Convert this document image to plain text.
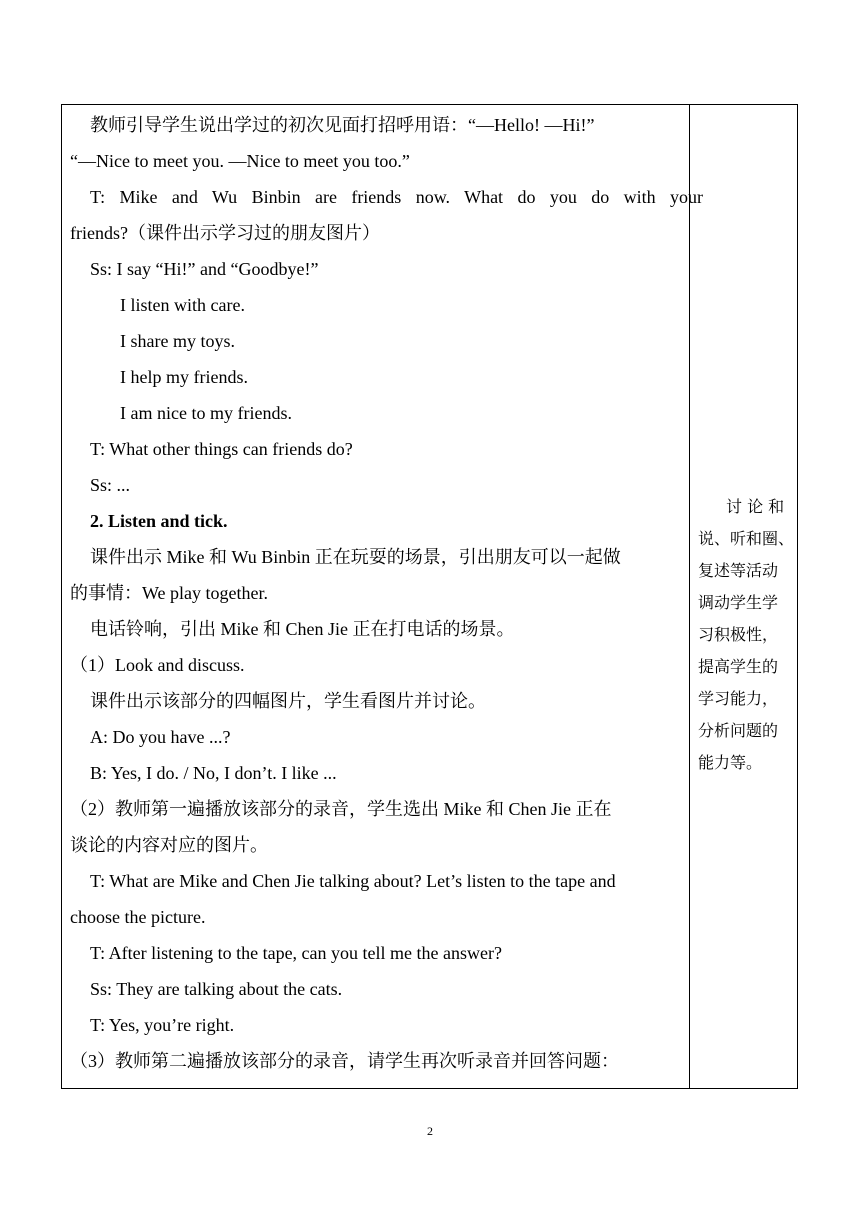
教师引导学生说出学过的初次见面打招呼用语：“—Hello! —Hi!”
“—Nice to meet you. —Nice to meet you too.”
T: Mike and Wu Binbin are friends now. What do you do with your
friends?（课件出示学习过的朋友图片）
Ss: I say “Hi!” and “Goodbye!”
I listen with care.
I share my toys.
I help my friends.
I am nice to my friends.
T: What other things can friends do?
Ss: ...
2. Listen and tick.
课件出示 Mike 和 Wu Binbin 正在玩耍的场景，引出朋友可以一起做
的事情：We play together.
电话铃响，引出 Mike 和 Chen Jie 正在打电话的场景。
（1）Look and discuss.
课件出示该部分的四幅图片，学生看图片并讨论。
A: Do you have ...?
B: Yes, I do. / No, I don’t. I like ...
（2）教师第一遍播放该部分的录音，学生选出 Mike 和 Chen Jie 正在
谈论的内容对应的图片。
T: What are Mike and Chen Jie talking about? Let’s listen to the tape and
choose the picture.
T: After listening to the tape, can you tell me the answer?
Ss: They are talking about the cats.
T: Yes, you’re right.
（3）教师第二遍播放该部分的录音，请学生再次听录音并回答问题：
讨 论 和
说、听和圈、
复述等活动
调动学生学
习积极性，
提高学生的
学习能力，
分析问题的
能力等。
2
